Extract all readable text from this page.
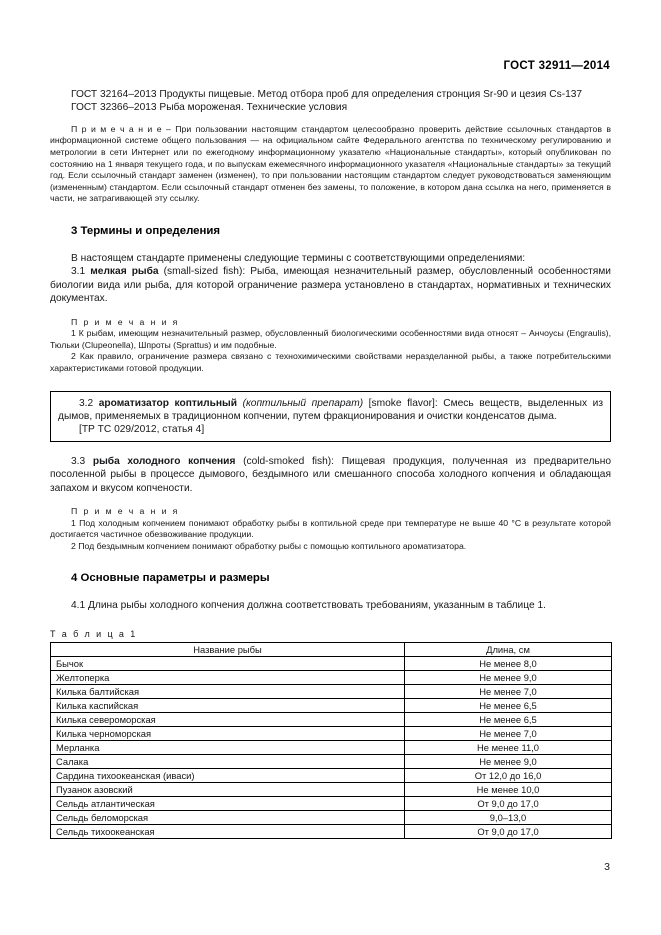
ГОСТ 32911—2014

ГОСТ 32164–2013 Продукты пищевые. Метод отбора проб для определения стронция Sr-90 и цезия Cs-137

ГОСТ 32366–2013 Рыба мороженая. Технические условия

П р и м е ч а н и е – При пользовании настоящим стандартом целесообразно проверить действие ссылочных стандартов в информационной системе общего пользования — на официальном сайте Федерального агентства по техническому регулированию и метрологии в сети Интернет или по ежегодному информационному указателю «Национальные стандарты», который опубликован по состоянию на 1 января текущего года, и по выпускам ежемесячного информационного указателя «Национальные стандарты» за текущий год. Если ссылочный стандарт заменен (изменен), то при пользовании настоящим стандартом следует руководствоваться заменяющим (измененным) стандартом. Если ссылочный стандарт отменен без замены, то положение, в котором дана ссылка на него, применяется в части, не затрагивающей эту ссылку.

3 Термины и определения

В настоящем стандарте применены следующие термины с соответствующими определениями:

3.1 мелкая рыба (small-sized fish): Рыба, имеющая незначительный размер, обусловленный особенностями биологии вида или рыба, для которой ограничение размера установлено в стандартах, нормативных и технических документах.

П р и м е ч а н и я

1 К рыбам, имеющим незначительный размер, обусловленный биологическими особенностями вида относят – Анчоусы (Engraulis), Тюльки (Clupeonella), Шпроты (Sprattus) и им подобные.

2 Как правило, ограничение размера связано с технохимическими свойствами неразделанной рыбы, а также потребительскими характеристиками готовой продукции.

3.2 ароматизатор коптильный (коптильный препарат) [smoke flavor]: Смесь веществ, выделенных из дымов, применяемых в традиционном копчении, путем фракционирования и очистки конденсатов дыма.

[ТР ТС 029/2012, статья 4]

3.3 рыба холодного копчения (cold-smoked fish): Пищевая продукция, полученная из предварительно посоленной рыбы в процессе дымового, бездымного или смешанного способа холодного копчения и обладающая запахом и вкусом копчености.

П р и м е ч а н и я

1 Под холодным копчением понимают обработку рыбы в коптильной среде при температуре не выше 40 °С в результате которой достигается частичное обезвоживание продукции.

2 Под бездымным копчением понимают обработку рыбы с помощью коптильного ароматизатора.

4 Основные параметры и размеры

4.1 Длина рыбы холодного копчения должна соответствовать требованиям, указанным в таблице 1.

Т а б л и ц а 1
Название рыбы	Длина, см
Бычок	Не менее 8,0
Желтоперка	Не менее 9,0
Килька балтийская	Не менее 7,0
Килька каспийская	Не менее 6,5
Килька североморская	Не менее 6,5
Килька черноморская	Не менее 7,0
Мерланка	Не менее 11,0
Салака	Не менее 9,0
Сардина тихоокеанская (иваси)	От 12,0 до 16,0
Пузанок азовский	Не менее 10,0
Сельдь атлантическая	От 9,0 до 17,0
Сельдь беломорская	9,0–13,0
Сельдь тихоокеанская	От 9,0 до 17,0
3
